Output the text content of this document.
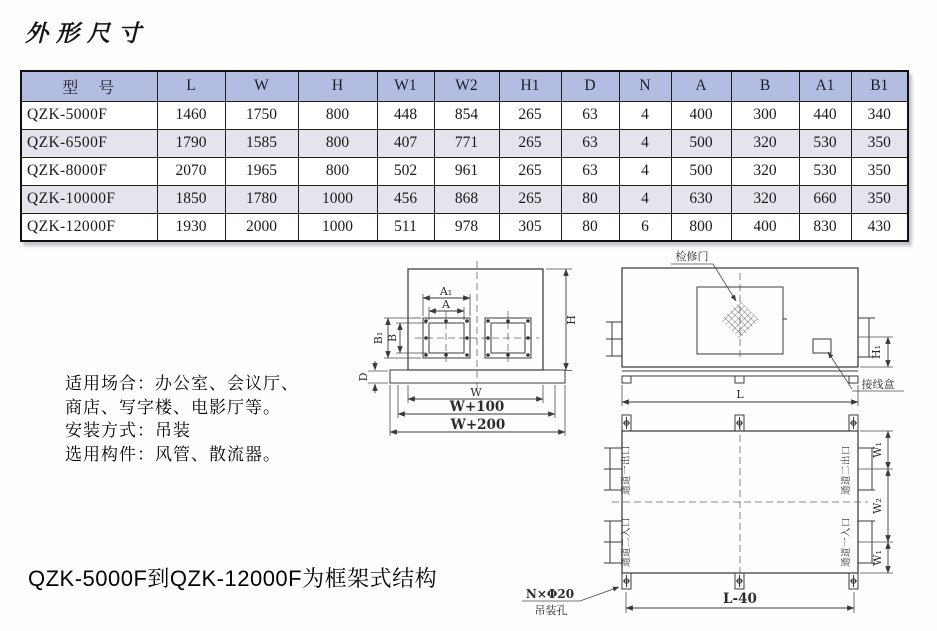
外形尺寸
型　号	L	W	H	W1	W2	H1	D	N	A	B	A1	B1
QZK-5000F	1460	1750	800	448	854	265	63	4	400	300	440	340
QZK-6500F	1790	1585	800	407	771	265	63	4	500	320	530	350
QZK-8000F	2070	1965	800	502	961	265	63	4	500	320	530	350
QZK-10000F	1850	1780	1000	456	868	265	80	4	630	320	660	350
QZK-12000F	1930	2000	1000	511	978	305	80	6	800	400	830	430
适用场合：办公室、会议厅、
商店、写字楼、电影厅等。
安装方式：吊装
选用构件：风管、散流器。
QZK-5000F到QZK-12000F为框架式结构
A₁
A
B₁ B
H
D
W
W+100
W+200
接线盒
检修门
H₁
L
通道一出口
通道二入口
通道二出口
通道一入口
W₁
W₂
W₁
L-40
N×Φ20
吊装孔
